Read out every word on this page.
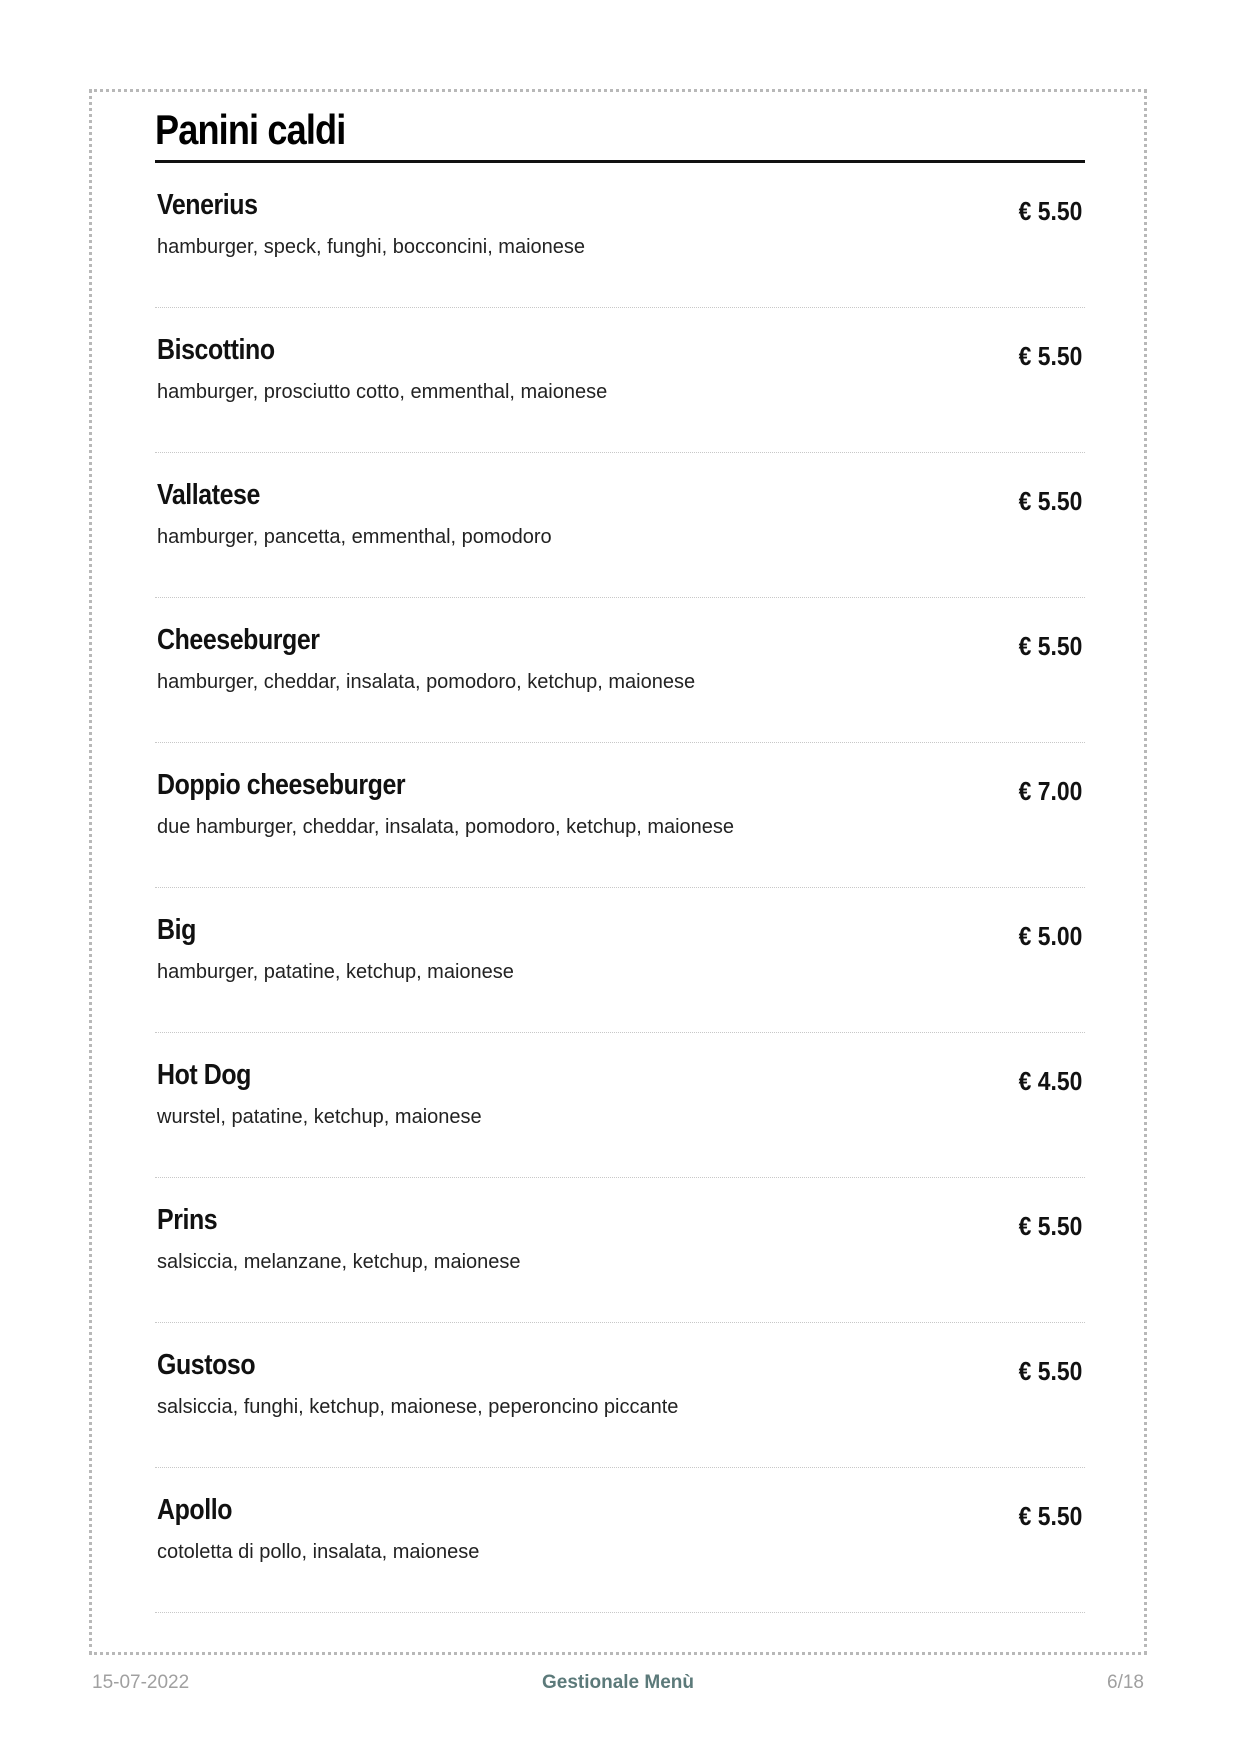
Panini caldi
Venerius
hamburger, speck, funghi, bocconcini, maionese
€ 5.50
Biscottino
hamburger, prosciutto cotto, emmenthal, maionese
€ 5.50
Vallatese
hamburger, pancetta, emmenthal, pomodoro
€ 5.50
Cheeseburger
hamburger, cheddar, insalata, pomodoro, ketchup, maionese
€ 5.50
Doppio cheeseburger
due hamburger, cheddar, insalata, pomodoro, ketchup, maionese
€ 7.00
Big
hamburger, patatine, ketchup, maionese
€ 5.00
Hot Dog
wurstel, patatine, ketchup, maionese
€ 4.50
Prins
salsiccia, melanzane, ketchup, maionese
€ 5.50
Gustoso
salsiccia, funghi, ketchup, maionese, peperoncino piccante
€ 5.50
Apollo
cotoletta di pollo, insalata, maionese
€ 5.50
15-07-2022	Gestionale Menù	6/18
